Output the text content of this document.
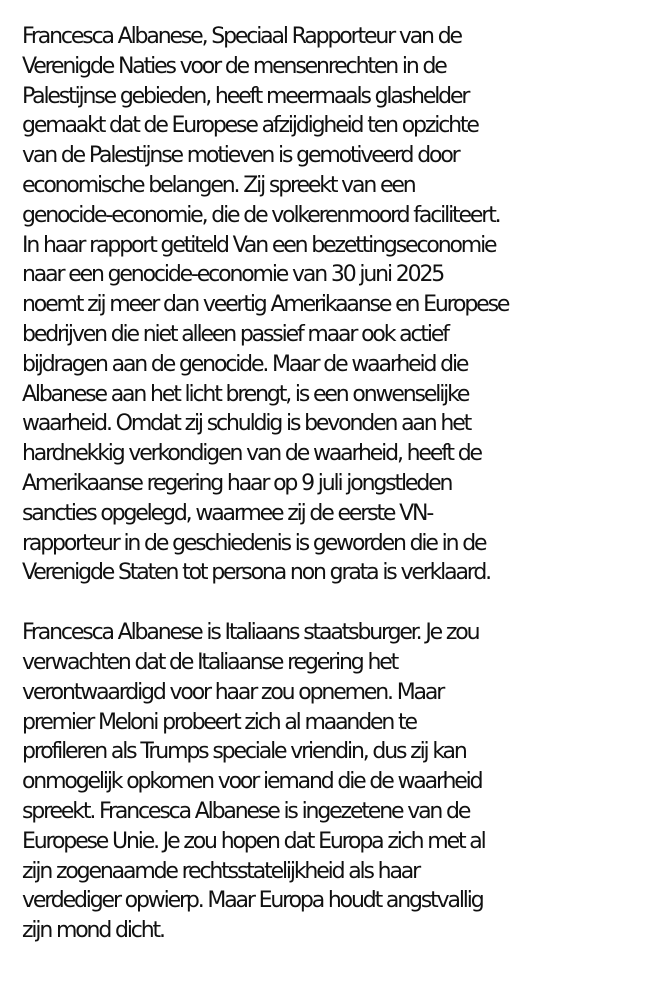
Francesca Albanese, Speciaal Rapporteur van de
Verenigde Naties voor de mensenrechten in de
Palestijnse gebieden, heeft meermaals glashelder
gemaakt dat de Europese afzijdigheid ten opzichte
van de Palestijnse motieven is gemotiveerd door
economische belangen. Zij spreekt van een
genocide-economie, die de volkerenmoord faciliteert.
In haar rapport getiteld Van een bezettingseconomie
naar een genocide-economie van 30 juni 2025
noemt zij meer dan veertig Amerikaanse en Europese
bedrijven die niet alleen passief maar ook actief
bijdragen aan de genocide. Maar de waarheid die
Albanese aan het licht brengt, is een onwenselijke
waarheid. Omdat zij schuldig is bevonden aan het
hardnekkig verkondigen van de waarheid, heeft de
Amerikaanse regering haar op 9 juli jongstleden
sancties opgelegd, waarmee zij de eerste VN-
rapporteur in de geschiedenis is geworden die in de
Verenigde Staten tot persona non grata is verklaard.
Francesca Albanese is Italiaans staatsburger. Je zou
verwachten dat de Italiaanse regering het
verontwaardigd voor haar zou opnemen. Maar
premier Meloni probeert zich al maanden te
profileren als Trumps speciale vriendin, dus zij kan
onmogelijk opkomen voor iemand die de waarheid
spreekt. Francesca Albanese is ingezetene van de
Europese Unie. Je zou hopen dat Europa zich met al
zijn zogenaamde rechtsstatelijkheid als haar
verdediger opwierp. Maar Europa houdt angstvallig
zijn mond dicht.
